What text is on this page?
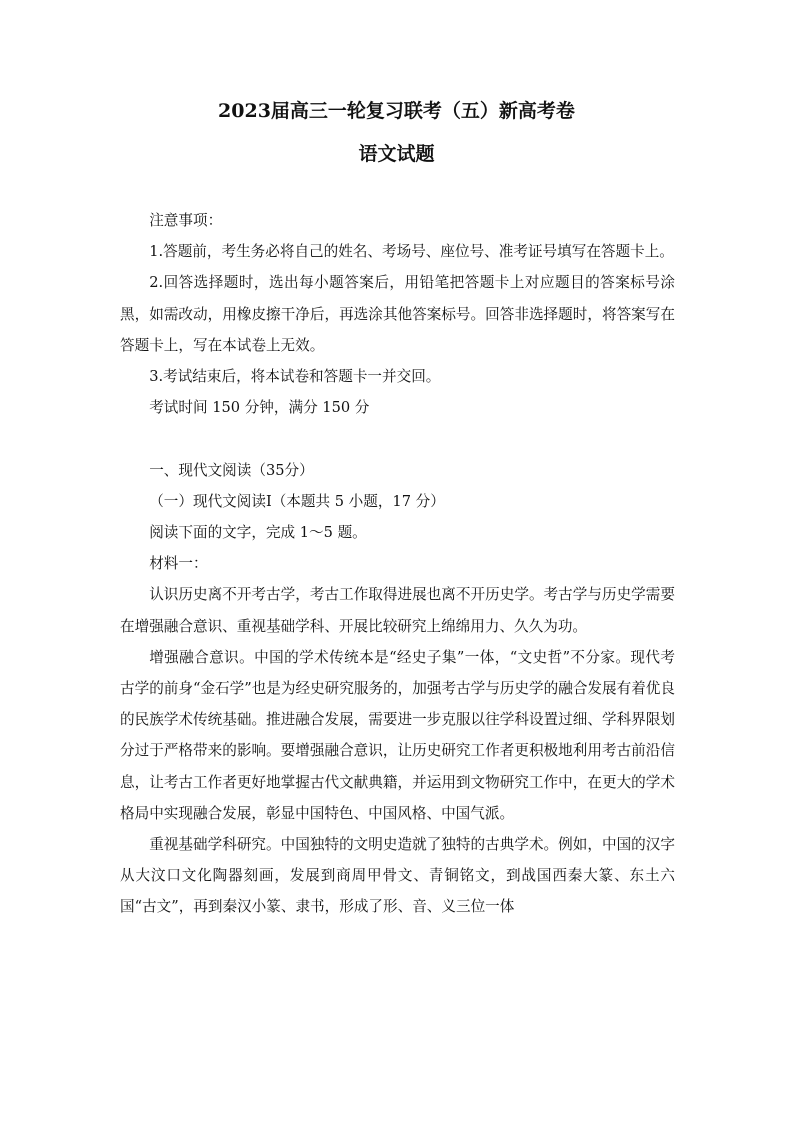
2023届高三一轮复习联考（五）新高考卷
语文试题

注意事项：

1.答题前，考生务必将自己的姓名、考场号、座位号、准考证号填写在答题卡上。

2.回答选择题时，选出每小题答案后，用铅笔把答题卡上对应题目的答案标号涂黑，如需改动，用橡皮擦干净后，再选涂其他答案标号。回答非选择题时，将答案写在答题卡上，写在本试卷上无效。

3.考试结束后，将本试卷和答题卡一并交回。

考试时间 150 分钟，满分 150 分

一、现代文阅读（35分）

（一）现代文阅读Ⅰ（本题共 5 小题，17 分）

阅读下面的文字，完成 1～5 题。

材料一：

认识历史离不开考古学，考古工作取得进展也离不开历史学。考古学与历史学需要在增强融合意识、重视基础学科、开展比较研究上绵绵用力、久久为功。

增强融合意识。中国的学术传统本是“经史子集”一体，“文史哲”不分家。现代考古学的前身“金石学”也是为经史研究服务的，加强考古学与历史学的融合发展有着优良的民族学术传统基础。推进融合发展，需要进一步克服以往学科设置过细、学科界限划分过于严格带来的影响。要增强融合意识，让历史研究工作者更积极地利用考古前沿信息，让考古工作者更好地掌握古代文献典籍，并运用到文物研究工作中，在更大的学术格局中实现融合发展，彰显中国特色、中国风格、中国气派。

重视基础学科研究。中国独特的文明史造就了独特的古典学术。例如，中国的汉字从大汶口文化陶器刻画，发展到商周甲骨文、青铜铭文，到战国西秦大篆、东土六国“古文”，再到秦汉小篆、隶书，形成了形、音、义三位一体
